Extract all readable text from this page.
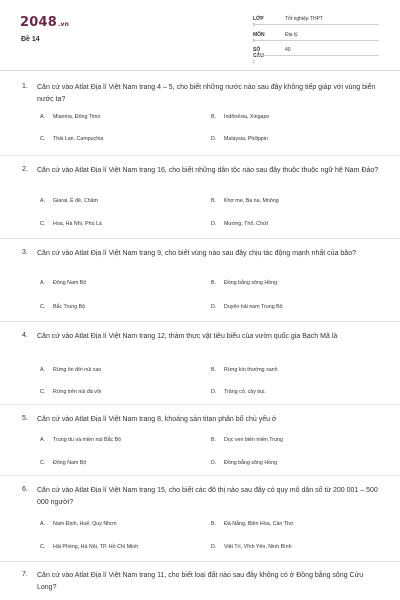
2048.vn
Đề 14
LỚP :
Tốt nghiệp THPT
MÔN :
Địa lý
SỐ CÂU :
40
1. Căn cứ vào Atlat Địa lí Việt Nam trang 4 – 5, cho biết những nước nào sau đây không tiếp giáp với vùng biển nước ta?
A. Mianma, Đông Timo	B. Indônêxia, Xingapo
C. Thái Lan, Campuchia	D. Malaysia, Philippin
2. Căn cứ vào Atlat Địa lí Việt Nam trang 16, cho biết những dân tộc nào sau đây thuộc thuộc ngữ hệ Nam Đảo?
A. Giarai, Ê đê, Chăm	B. Khơ me, Ba na, Mnông
C. Hoa, Hà Nhì, Phù Lá	D. Mường, Thổ, Chứt
3. Căn cứ vào Atlat Địa lí Việt Nam trang 9, cho biết vùng nào sau đây chịu tác động mạnh nhất của bão?
A. Đông Nam Bộ	B. Đồng bằng sông Hồng
C. Bắc Trung Bộ	D. Duyên hải nam Trung Bộ
4. Căn cứ vào Atlat Địa lí Việt Nam trang 12, thảm thực vật tiêu biểu của vườn quốc gia Bạch Mã là
A. Rừng ôn đới núi cao	B. Rừng kín thường xanh
C. Rừng trên núi đá vôi	D. Trảng cỏ, cây bụi.
5. Căn cứ vào Atlat Địa lí Việt Nam trang 8, khoáng sản titan phân bố chủ yếu ở
A. Trung du và miền núi Bắc Bộ	B. Dọc ven biển miền Trung
C. Đông Nam Bộ	D. Đồng bằng sông Hồng
6. Căn cứ vào Atlat Địa lí Việt Nam trang 15, cho biết các đô thị nào sau đây có quy mô dân số từ 200 001 – 500 000 người?
A. Nam Định, Huế, Quy Nhơn	B. Đà Nẵng, Biên Hòa, Cần Thơ
C. Hải Phòng, Hà Nội, TP. Hồ Chí Minh	D. Việt Trì, Vĩnh Yên, Ninh Bình
7. Căn cứ vào Atlat Địa lí Việt Nam trang 11, cho biết loại đất nào sau đây không có ở Đồng bằng sông Cửu Long?
